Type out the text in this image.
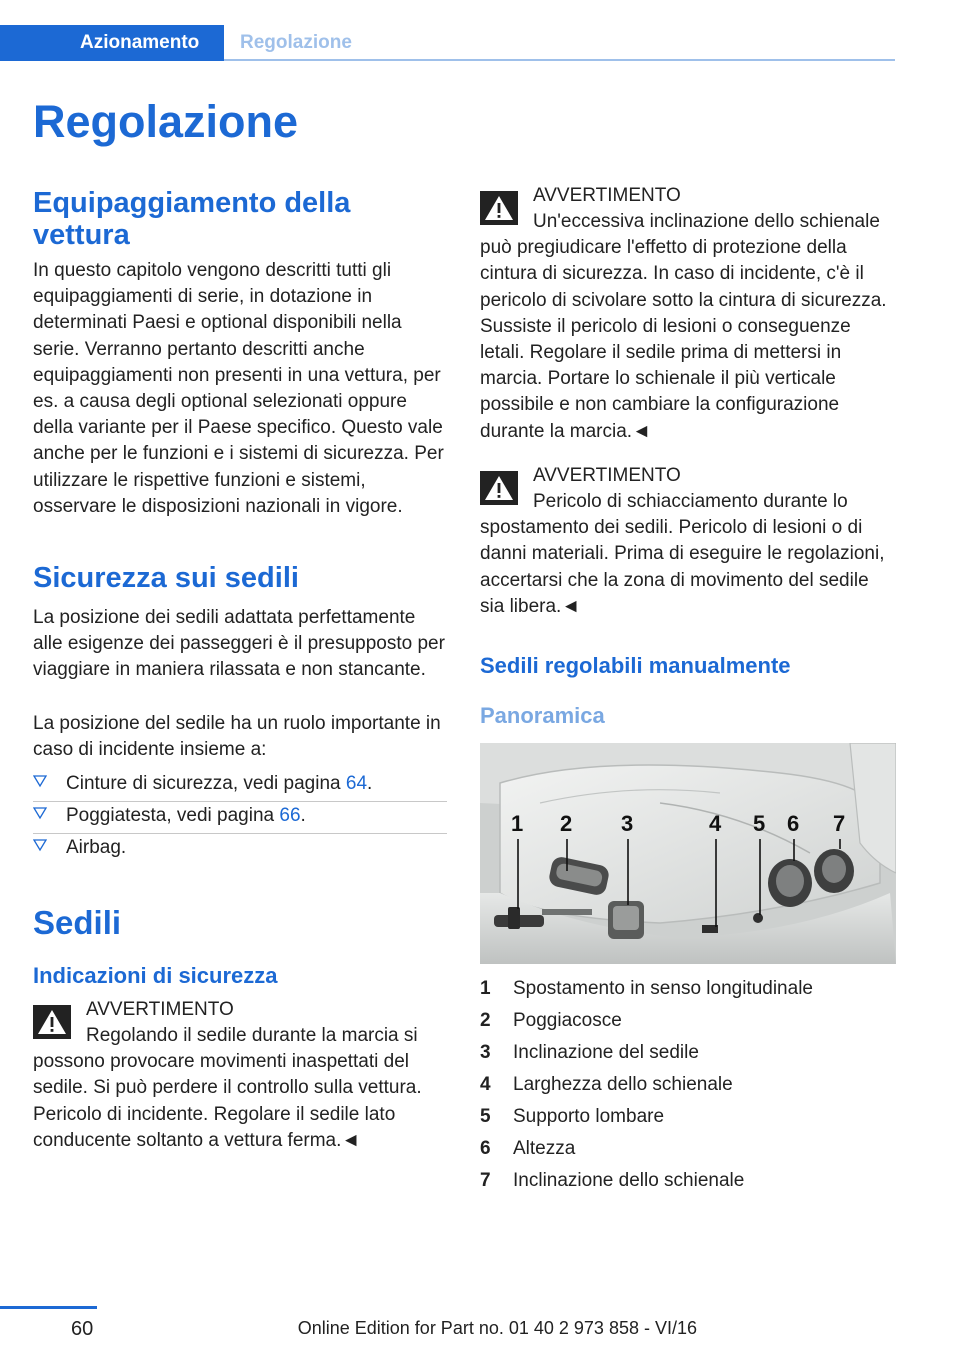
Azionamento	Regolazione
Regolazione
Equipaggiamento della vettura

In questo capitolo vengono descritti tutti gli equipaggiamenti di serie, in dotazione in determinati Paesi e optional disponibili nella serie. Verranno pertanto descritti anche equipaggiamenti non presenti in una vettura, per es. a causa degli optional selezionati oppure della variante per il Paese specifico. Questo vale anche per le funzioni e i sistemi di sicurezza. Per utilizzare le rispettive funzioni e sistemi, osservare le disposizioni nazionali in vigore.

Sicurezza sui sedili

La posizione dei sedili adattata perfettamente alle esigenze dei passeggeri è il presupposto per viaggiare in maniera rilassata e non stancante.

La posizione del sedile ha un ruolo importante in caso di incidente insieme a:

Cinture di sicurezza, vedi pagina 64.
Poggiatesta, vedi pagina 66.
Airbag.
Sedili
Indicazioni di sicurezza
AVVERTIMENTO
Regolando il sedile durante la marcia si possono provocare movimenti inaspettati del sedile. Si può perdere il controllo sulla vettura. Pericolo di incidente. Regolare il sedile lato conducente soltanto a vettura ferma.◄
AVVERTIMENTO
Un'eccessiva inclinazione dello schienale può pregiudicare l'effetto di protezione della cintura di sicurezza. In caso di incidente, c'è il pericolo di scivolare sotto la cintura di sicurezza. Sussiste il pericolo di lesioni o conseguenze letali. Regolare il sedile prima di mettersi in marcia. Portare lo schienale il più verticale possibile e non cambiare la configurazione durante la marcia.◄
AVVERTIMENTO
Pericolo di schiacciamento durante lo spostamento dei sedili. Pericolo di lesioni o di danni materiali. Prima di eseguire le regolazioni, accertarsi che la zona di movimento del sedile sia libera.◄
Sedili regolabili manualmente
Panoramica
1 2 3	4 5 6 7
1 Spostamento in senso longitudinale
2 Poggiacosce
3 Inclinazione del sedile
4 Larghezza dello schienale
5 Supporto lombare
6 Altezza
7 Inclinazione dello schienale
60	Online Edition for Part no. 01 40 2 973 858 - VI/16
